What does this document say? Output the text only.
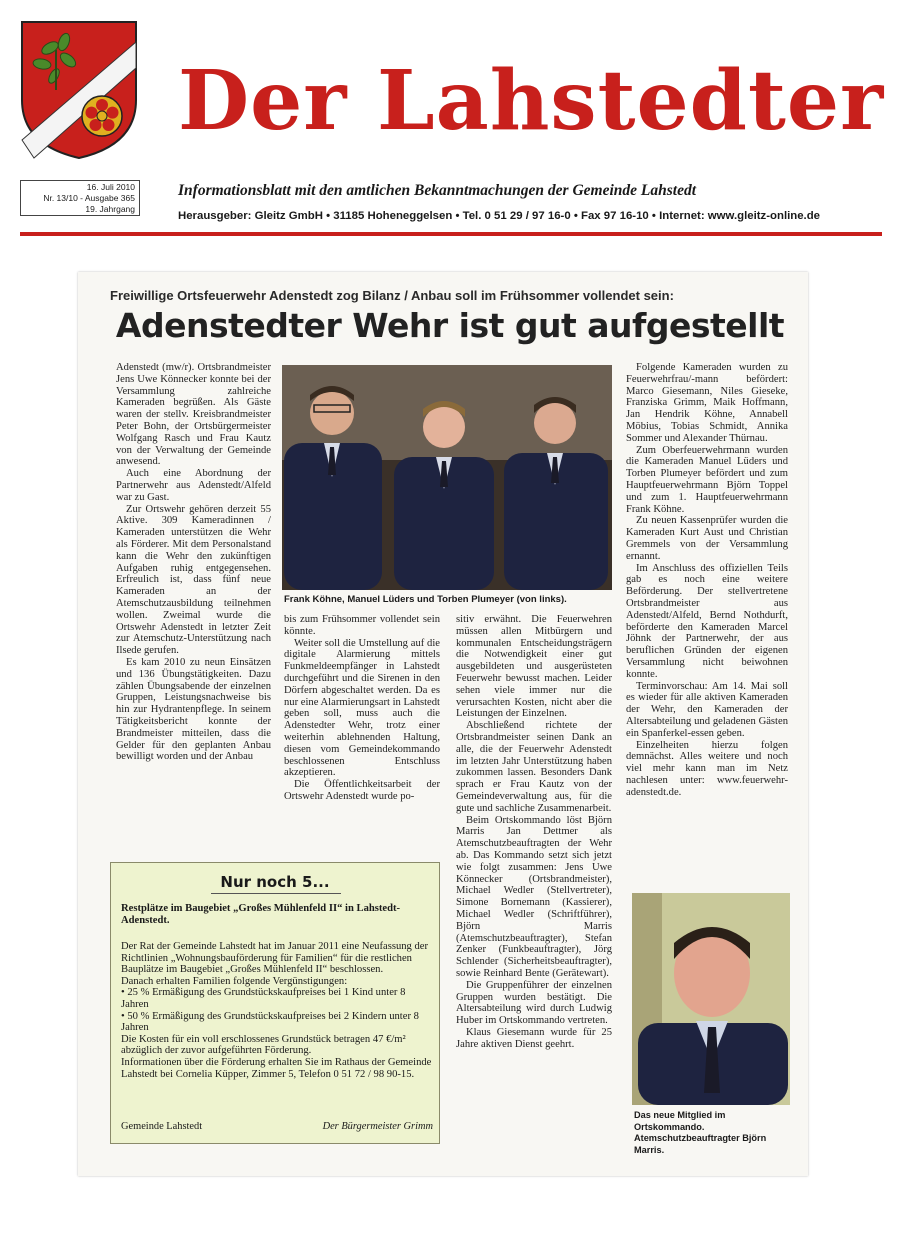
Der Lahstedter
16. Juli 2010
Nr. 13/10 - Ausgabe 365
19. Jahrgang
Informationsblatt mit den amtlichen Bekanntmachungen der Gemeinde Lahstedt
Herausgeber: Gleitz GmbH • 31185 Hoheneggelsen • Tel. 0 51 29 / 97 16-0 • Fax 97 16-10 • Internet: www.gleitz-online.de
Freiwillige Ortsfeuerwehr Adenstedt zog Bilanz / Anbau soll im Frühsommer vollendet sein:
Adenstedter Wehr ist gut aufgestellt

Adenstedt (mw/r). Ortsbrandmeister Jens Uwe Könnecker konnte bei der Versammlung zahlreiche Kameraden begrüßen. Als Gäste waren der stellv. Kreisbrandmeister Peter Bohn, der Ortsbürgermeister Wolfgang Rasch und Frau Kautz von der Verwaltung der Gemeinde anwesend.

Auch eine Abordnung der Partnerwehr aus Adenstedt/Alfeld war zu Gast.

Zur Ortswehr gehören derzeit 55 Aktive. 309 Kameradinnen / Kameraden unterstützen die Wehr als Förderer. Mit dem Personalstand kann die Wehr den zukünftigen Aufgaben ruhig entgegensehen. Erfreulich ist, dass fünf neue Kameraden an der Atemschutzausbildung teilnehmen wollen. Zweimal wurde die Ortswehr Adenstedt in letzter Zeit zur Atemschutz-Unterstützung nach Ilsede gerufen.

Es kam 2010 zu neun Einsätzen und 136 Übungstätigkeiten. Dazu zählen Übungsabende der einzelnen Gruppen, Leistungsnachweise bis hin zur Hydrantenpflege. In seinem Tätigkeitsbericht konnte der Brandmeister mitteilen, dass die Gelder für den geplanten Anbau bewilligt worden und der Anbau

Frank Köhne, Manuel Lüders und Torben Plumeyer (von links).

bis zum Frühsommer vollendet sein könnte.

Weiter soll die Umstellung auf die digitale Alarmierung mittels Funkmeldeempfänger in Lahstedt durchgeführt und die Sirenen in den Dörfern abgeschaltet werden. Da es nur eine Alarmierungsart in Lahstedt geben soll, muss auch die Adenstedter Wehr, trotz einer weiterhin ablehnenden Haltung, diesen vom Gemeindekommando beschlossenen Entschluss akzeptieren.

Die Öffentlichkeitsarbeit der Ortswehr Adenstedt wurde po-

sitiv erwähnt. Die Feuerwehren müssen allen Mitbürgern und kommunalen Entscheidungsträgern die Notwendigkeit einer gut ausgebildeten und ausgerüsteten Feuerwehr bewusst machen. Leider sehen viele immer nur die verursachten Kosten, nicht aber die Leistungen der Einzelnen.

Abschließend richtete der Ortsbrandmeister seinen Dank an alle, die der Feuerwehr Adenstedt im letzten Jahr Unterstützung haben zukommen lassen. Besonders Dank sprach er Frau Kautz von der Gemeindeverwaltung aus, für die gute und sachliche Zusammenarbeit.

Beim Ortskommando löst Björn Marris Jan Dettmer als Atemschutzbeauftragten der Wehr ab. Das Kommando setzt sich jetzt wie folgt zusammen: Jens Uwe Könnecker (Ortsbrandmeister), Michael Wedler (Stellvertreter), Simone Bornemann (Kassierer), Michael Wedler (Schriftführer), Björn Marris (Atemschutzbeauftragter), Stefan Zenker (Funkbeauftragter), Jörg Schlender (Sicherheitsbeauftragter), sowie Reinhard Bente (Gerätewart).

Die Gruppenführer der einzelnen Gruppen wurden bestätigt. Die Altersabteilung wird durch Ludwig Huber im Ortskommando vertreten.

Klaus Giesemann wurde für 25 Jahre aktiven Dienst geehrt.

Folgende Kameraden wurden zu Feuerwehrfrau/-mann befördert: Marco Giesemann, Niles Gieseke, Franziska Grimm, Maik Hoffmann, Jan Hendrik Köhne, Annabell Möbius, Tobias Schmidt, Annika Sommer und Alexander Thürnau.

Zum Oberfeuerwehrmann wurden die Kameraden Manuel Lüders und Torben Plumeyer befördert und zum Hauptfeuerwehrmann Björn Toppel und zum 1. Hauptfeuerwehrmann Frank Köhne.

Zu neuen Kassenprüfer wurden die Kameraden Kurt Aust und Christian Gremmels von der Versammlung ernannt.

Im Anschluss des offiziellen Teils gab es noch eine weitere Beförderung. Der stellvertretene Ortsbrandmeister aus Adenstedt/Alfeld, Bernd Nothdurft, beförderte den Kameraden Marcel Jöhnk der Partnerwehr, der aus beruflichen Gründen der eigenen Versammlung nicht beiwohnen konnte.

Terminvorschau: Am 14. Mai soll es wieder für alle aktiven Kameraden der Wehr, den Kameraden der Altersabteilung und geladenen Gästen ein Spanferkel-essen geben.

Einzelheiten hierzu folgen demnächst. Alles weitere und noch viel mehr kann man im Netz nachlesen unter: www.feuerwehr-adenstedt.de.

Das neue Mitglied im Ortskommando. Atemschutzbeauftragter Björn Marris.
Nur noch 5...
Restplätze im Baugebiet „Großes Mühlenfeld II“ in Lahstedt-Adenstedt.
Der Rat der Gemeinde Lahstedt hat im Januar 2011 eine Neufassung der Richtlinien „Wohnungsbauförderung für Familien“ für die restlichen Bauplätze im Baugebiet „Großes Mühlenfeld II“ beschlossen.
Danach erhalten Familien folgende Vergünstigungen:
• 25 % Ermäßigung des Grundstückskaufpreises bei 1 Kind unter 8 Jahren
• 50 % Ermäßigung des Grundstückskaufpreises bei 2 Kindern unter 8 Jahren
Die Kosten für ein voll erschlossenes Grundstück betragen 47 €/m² abzüglich der zuvor aufgeführten Förderung.
Informationen über die Förderung erhalten Sie im Rathaus der Gemeinde Lahstedt bei Cornelia Küpper, Zimmer 5, Telefon 0 51 72 / 98 90-15.
Gemeinde Lahstedt	Der Bürgermeister Grimm
